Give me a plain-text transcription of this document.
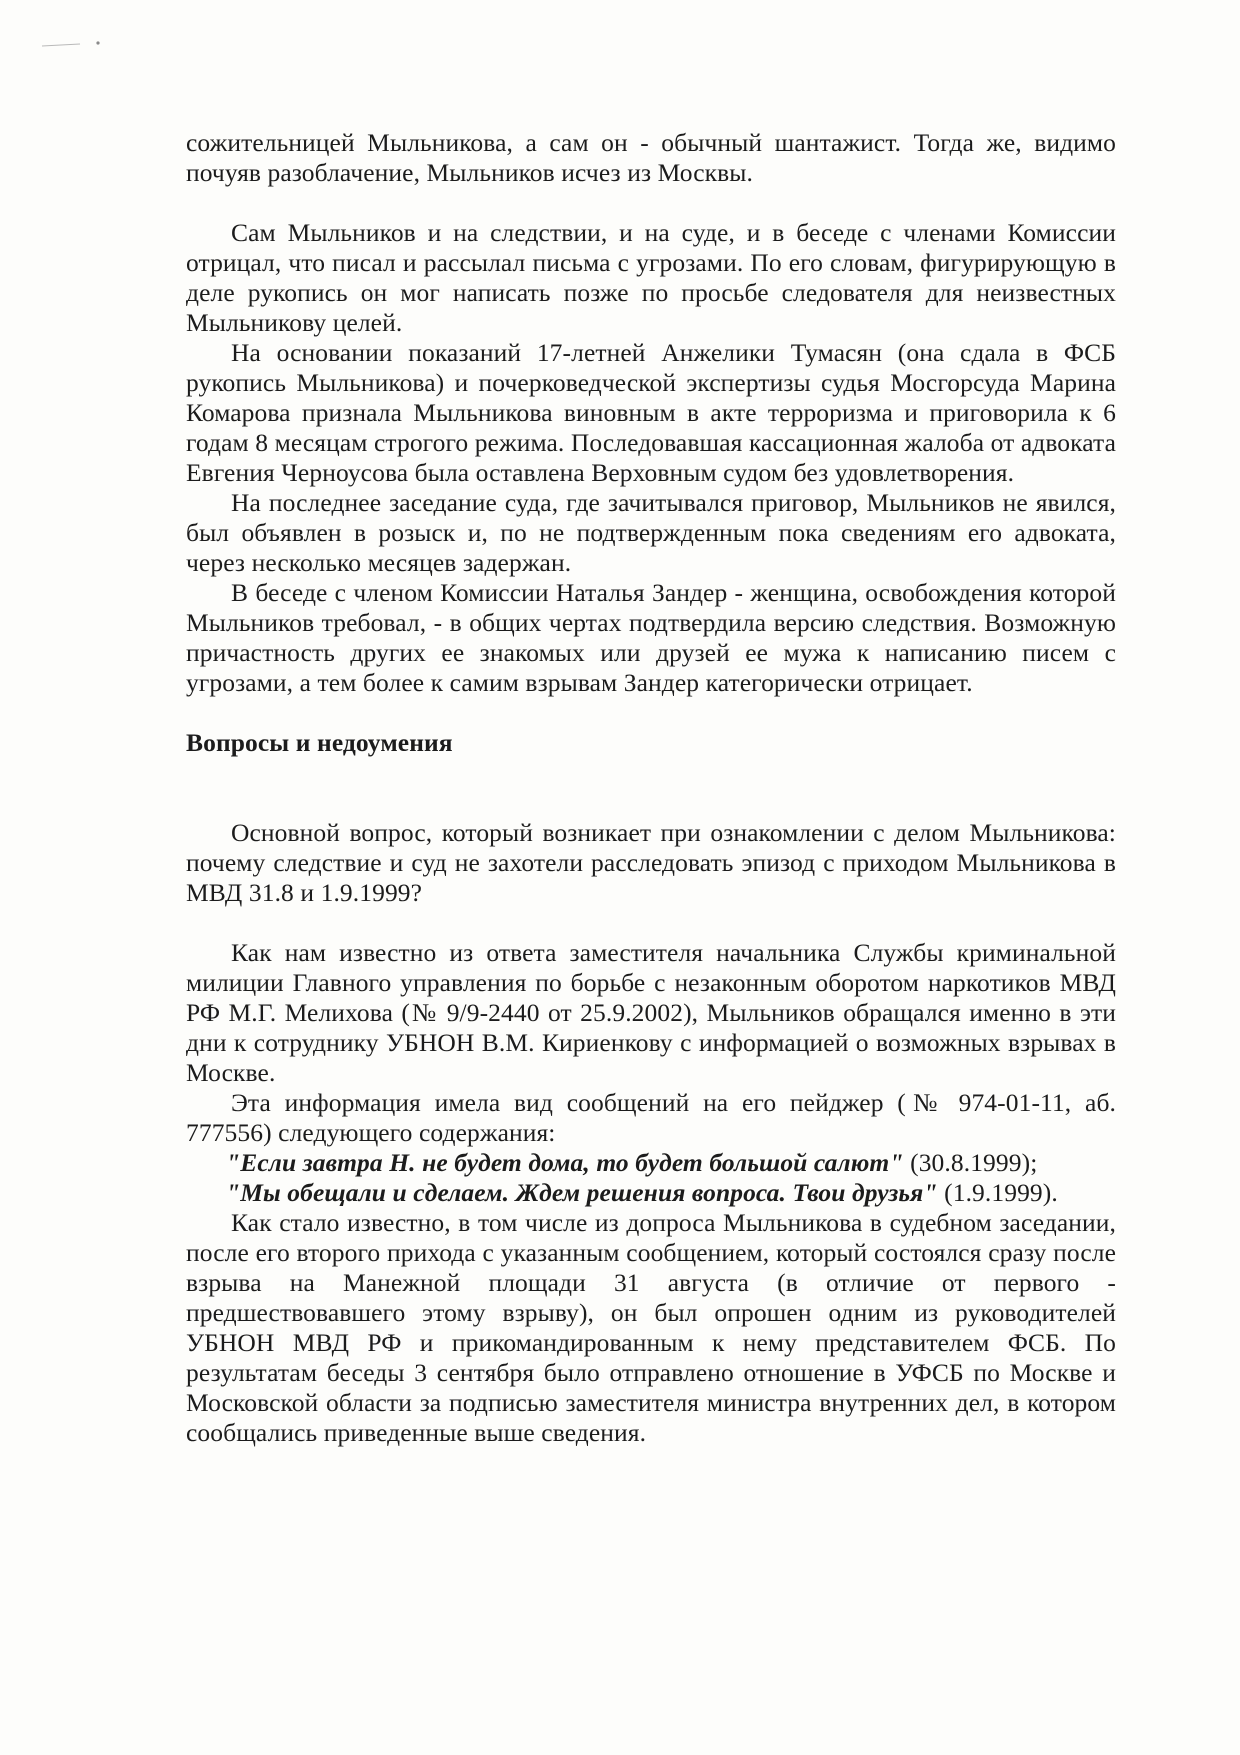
сожительницей Мыльникова, а сам он - обычный шантажист. Тогда же, видимо почуяв разоблачение, Мыльников исчез из Москвы.

Сам Мыльников и на следствии, и на суде, и в беседе с членами Комиссии отрицал, что писал и рассылал письма с угрозами. По его словам, фигурирующую в деле рукопись он мог написать позже по просьбе следователя для неизвестных Мыльникову целей.

На основании показаний 17-летней Анжелики Тумасян (она сдала в ФСБ рукопись Мыльникова) и почерковедческой экспертизы судья Мосгорсуда Марина Комарова признала Мыльникова виновным в акте терроризма и приговорила к 6 годам 8 месяцам строгого режима. Последовавшая кассационная жалоба от адвоката Евгения Черноусова была оставлена Верховным судом без удовлетворения.

На последнее заседание суда, где зачитывался приговор, Мыльников не явился, был объявлен в розыск и, по не подтвержденным пока сведениям его адвоката, через несколько месяцев задержан.

В беседе с членом Комиссии Наталья Зандер - женщина, освобождения которой Мыльников требовал, - в общих чертах подтвердила версию следствия. Возможную причастность других ее знакомых или друзей ее мужа к написанию писем с угрозами, а тем более к самим взрывам Зандер категорически отрицает.

Вопросы и недоумения

Основной вопрос, который возникает при ознакомлении с делом Мыльникова: почему следствие и суд не захотели расследовать эпизод с приходом Мыльникова в МВД 31.8 и 1.9.1999?

Как нам известно из ответа заместителя начальника Службы криминальной милиции Главного управления по борьбе с незаконным оборотом наркотиков МВД РФ М.Г. Мелихова (№ 9/9-2440 от 25.9.2002), Мыльников обращался именно в эти дни к сотруднику УБНОН В.М. Кириенкову с информацией о возможных взрывах в Москве.

Эта информация имела вид сообщений на его пейджер (№ 974-01-11, аб. 777556) следующего содержания:

"Если завтра Н. не будет дома, то будет большой салют" (30.8.1999);

"Мы обещали и сделаем. Ждем решения вопроса. Твои друзья" (1.9.1999).

Как стало известно, в том числе из допроса Мыльникова в судебном заседании, после его второго прихода с указанным сообщением, который состоялся сразу после взрыва на Манежной площади 31 августа (в отличие от первого - предшествовавшего этому взрыву), он был опрошен одним из руководителей УБНОН МВД РФ и прикомандированным к нему представителем ФСБ. По результатам беседы 3 сентября было отправлено отношение в УФСБ по Москве и Московской области за подписью заместителя министра внутренних дел, в котором сообщались приведенные выше сведения.
